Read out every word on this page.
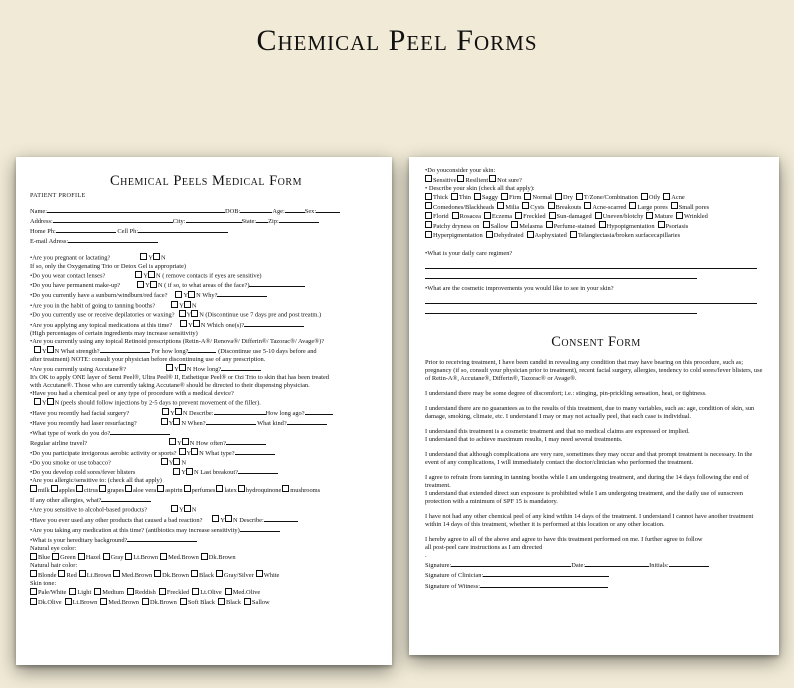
Chemical Peel Forms
Chemical Peels Medical Form
PATIENT PROFILE
Name:	DOB:	Age:	Sex:
Address:	City:	State: Zip:
Home Ph:	Cell Ph:
E-mail Adress:
•Are you pregnant or lactating?	Y N
If so, only the Oxygenating Trio or Detox Gel is appropriate)
•Do you wear contact lenses?	Y N ( remove contacts if eyes are sensitive)
•Do you have permanent make-up?	Y N ( if so, to what areas of the face?)
•Do you currently have a sunburn/windburn/red face?	Y N Why?
•Are you in the habit of going to tanning booths?	Y N
•Do you currently use or receive depilatories or waxing? Y N (Discontinue use 7 days pre and post treatm.)
•Are you applying any topical medications at this time?	Y N Which one(s)?
(High percentages of certain ingredients may increase sensitivity)
•Are you currently using any topical Retinoid prescriptions (Retin-A®/ Renova®/ Differin®/ Tazorac®/ Avage®)?
Y N What strength?	For how long?	(Discontinue use 5-10 days before and
after treatment) NOTE: consult your physician before discontinuing use of any prescription.
•Are you currently using Accutane®?	Y N How long?
It's OK to apply ONE layer of Semi Peel®, Ultra Peel® II, Esthetique Peel® or Ozi Trio to skin that has been treated
with Accutane®. Those who are currently taking Accutane® should be directed to their dispensing physician.
•Have you had a chemical peel or any type of procedure with a medical device?
Y N (peels should follow injections by 2-5 days to prevent movement of the filler).
•Have you recently had facial surgery?	Y N Describe:	How long ago?
•Have you recently had laser resurfacing?	Y N When?	What kind?
•What type of work do you do?
Regular airline travel?	Y N How often?
•Do you participate invigorous aerobic activity or sports? Y N What type?
•Do you smoke or use tobacco?	Y N
•Do you develop cold sores/fever blisters	Y N Last breakout?
•Are you allergic/sensitive to: (check all that apply)
milk apples citrus grapes aloe vera aspirin perfumes latex hydroquinone mushrooms
If any other allergies, what?
•Are you sensitive to alcohol-based products?	Y N
•Have you ever used any other products that caused a bad reaction?	Y N Describe:
•Are you taking any medication at this time? (antibiotics may increase sensitivity)
•What is your hereditary background?
Natural eye color:
Blue Green Hazel Gray Lt.Brown Med.Brown Dk.Brown
Natural hair color:
Blonde Red Lt.Brown Med.Brown Dk.Brown Black Gray/Silver White
Skin tone:
Pale/White Light Medium Reddish Freckled Lt.Olive Med.Olive
Dk.Olive Lt.Brown Med.Brown Dk.Brown Soft Black Black Sallow
•Do youconsider your skin:
Sensitive Resilient Not sure?
• Describe your skin (check all that apply):
Thick Thin Saggy Firm Normal Dry T/Zone/Combination Oily Acne
Comedones/Blackheads Milia Cysts Breakouts Acne-scarred Large pores Small pores
Florid Rosacea Eczema Freckled Sun-damaged Uneven/blotchy Mature Wrinkled
Patchy dryness on Sallow Melasma Perfume-stained Hypopigmentation Psoriasis
Hyperpigmentation Dehydrated Asphyxiated Telangiectasia/broken surfacecapillaries
•What is your daily care regimen?
•What are the cosmetic improvements you would like to see in your skin?
Consent Form

Prior to receiving treatment, I have been candid in revealing any condition that may have bearing on this procedure, such as; pregnancy (if so, consult your physician prior to treatment), recent facial surgery, allergies, tendency to cold sores/fever blisters, use of Retin-A®, Accutane®, Differin®, Tazorac® or Avage®.

I understand there may be some degree of discomfort; i.e.: stinging, pin-prickling sensation, heat, or tightness.

I understand there are no guarantees as to the results of this treatment, due to many variables, such as: age, condition of skin, sun damage, smoking, climate, etc. I understand I may or may not actually peel, that each case is individual.

I understand this treatment is a cosmetic treatment and that no medical claims are expressed or implied.

I understand that to achieve maximum results, I may need several treatments.

I understand that although complications are very rare, sometimes they may occur and that prompt treatment is necessary. In the event of any complications, I will immediately contact the doctor/clinician who performed the treatment.

I agree to refrain from tanning in tanning booths while I am undergoing treatment, and during the 14 days following the end of treatment.

I understand that extended direct sun exposure is prohibited while I am undergoing treatment, and the daily use of sunscreen protection with a minimum of SPF 15 is mandatory.

I have not had any other chemical peel of any kind within 14 days of the treatment. I understand I cannot have another treatment within 14 days of this treatment, whether it is performed at this location or any other location.

I hereby agree to all of the above and agree to have this treatment performed on me. I further agree to follow all post-peel care instructions as I am directed

.
Signature:	Date:	Initials:
Signature of Clinician:
Signature of Witness:
